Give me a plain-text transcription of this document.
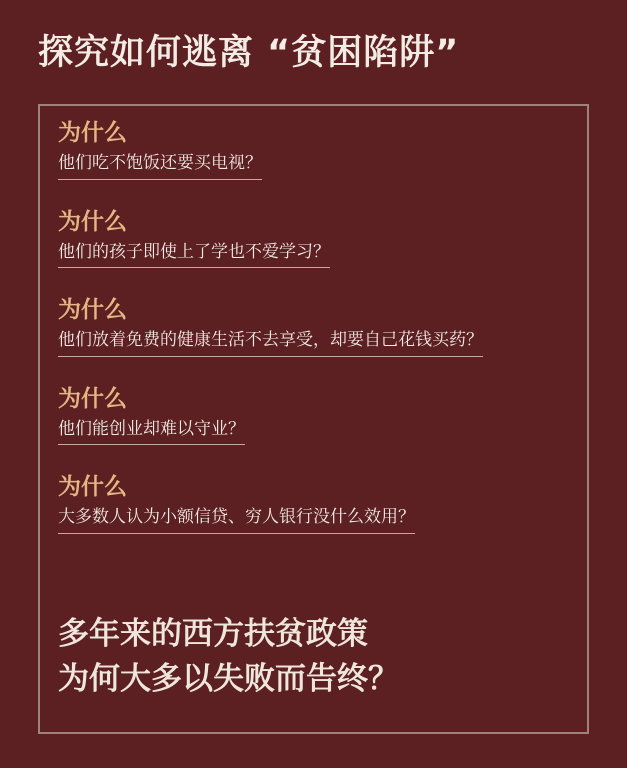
探究如何逃离 “贫困陷阱”
为什么
他们吃不饱饭还要买电视？
为什么
他们的孩子即使上了学也不爱学习？
为什么
他们放着免费的健康生活不去享受，却要自己花钱买药？
为什么
他们能创业却难以守业？
为什么
大多数人认为小额信贷、穷人银行没什么效用？
多年来的西方扶贫政策
为何大多以失败而告终？
